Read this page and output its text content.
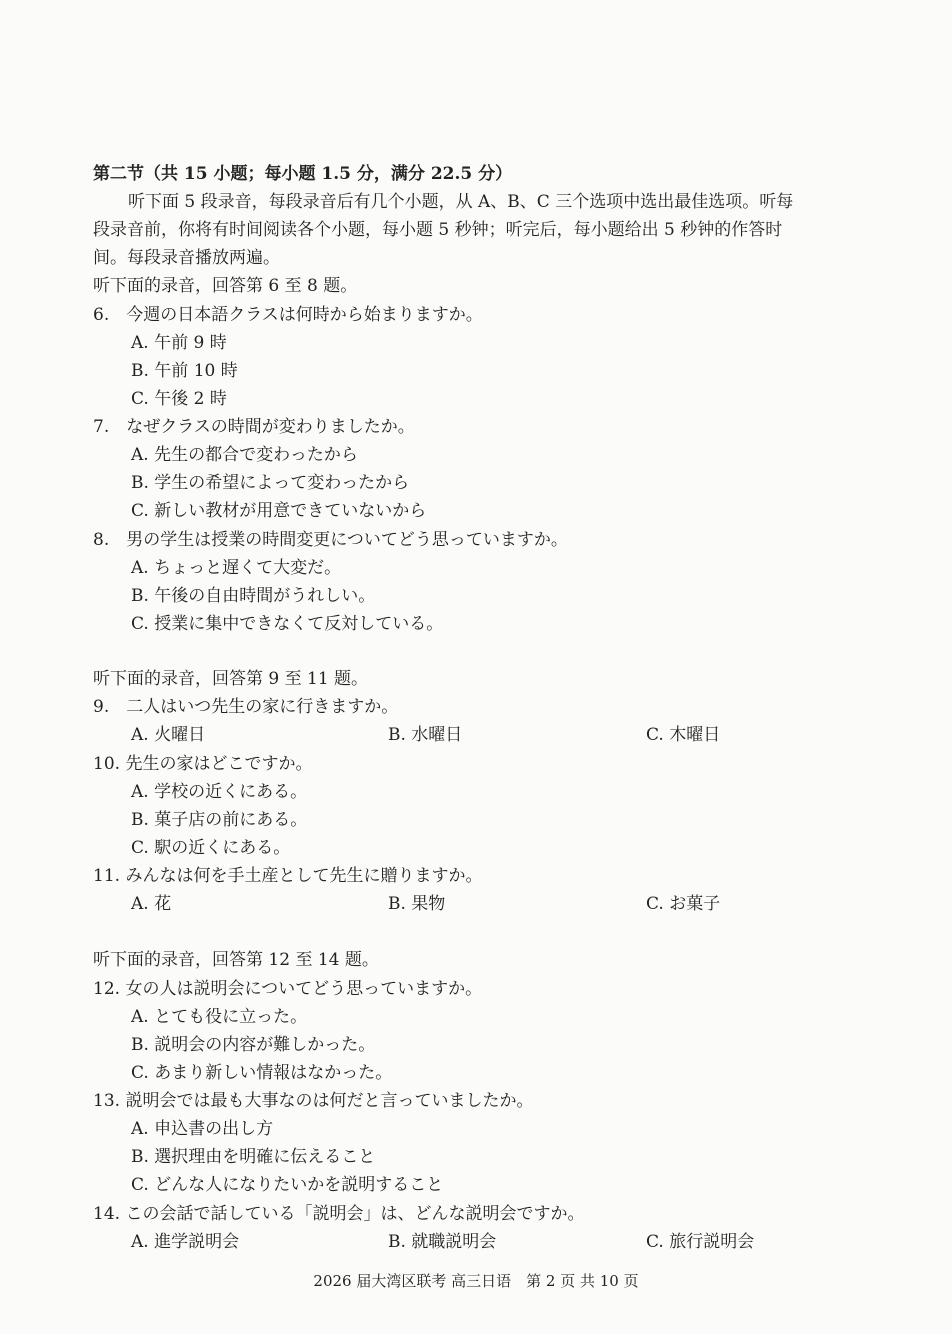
第二节（共 15 小题；每小题 1.5 分，满分 22.5 分）
听下面 5 段录音，每段录音后有几个小题，从 A、B、C 三个选项中选出最佳选项。听每
段录音前，你将有时间阅读各个小题，每小题 5 秒钟；听完后，每小题给出 5 秒钟的作答时
间。每段录音播放两遍。
听下面的录音，回答第 6 至 8 题。
6.　今週の日本語クラスは何時から始まりますか。
A. 午前 9 時
B. 午前 10 時
C. 午後 2 時
7.　なぜクラスの時間が変わりましたか。
A. 先生の都合で変わったから
B. 学生の希望によって変わったから
C. 新しい教材が用意できていないから
8.　男の学生は授業の時間変更についてどう思っていますか。
A. ちょっと遅くて大変だ。
B. 午後の自由時間がうれしい。
C. 授業に集中できなくて反対している。
听下面的录音，回答第 9 至 11 题。
9.　二人はいつ先生の家に行きますか。
A. 火曜日	B. 水曜日	C. 木曜日
10. 先生の家はどこですか。
A. 学校の近くにある。
B. 菓子店の前にある。
C. 駅の近くにある。
11. みんなは何を手土産として先生に贈りますか。
A. 花	B. 果物	C. お菓子
听下面的录音，回答第 12 至 14 题。
12. 女の人は説明会についてどう思っていますか。
A. とても役に立った。
B. 説明会の内容が難しかった。
C. あまり新しい情報はなかった。
13. 説明会では最も大事なのは何だと言っていましたか。
A. 申込書の出し方
B. 選択理由を明確に伝えること
C. どんな人になりたいかを説明すること
14. この会話で話している「説明会」は、どんな説明会ですか。
A. 進学説明会	B. 就職説明会	C. 旅行説明会
2026 届大湾区联考 高三日语　第 2 页 共 10 页
